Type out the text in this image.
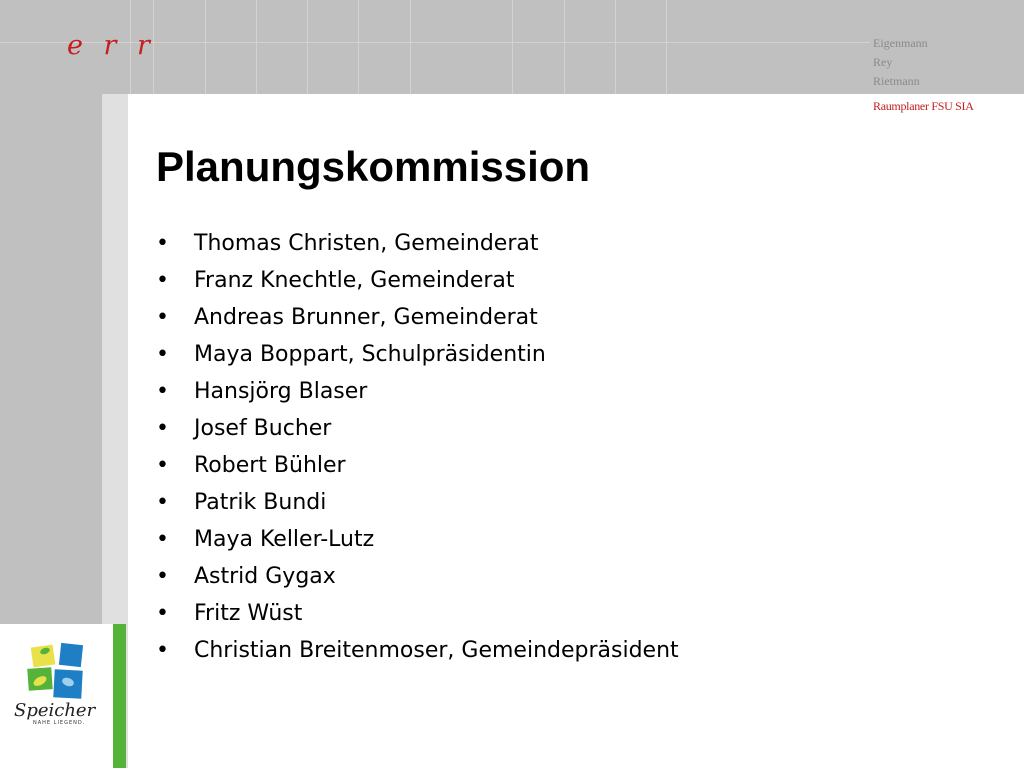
e r r	Eigenmann
Rey
Rietmann
Raumplaner FSU SIA
Planungskommission
• Thomas Christen, Gemeinderat
• Franz Knechtle, Gemeinderat
• Andreas Brunner, Gemeinderat
• Maya Boppart, Schulpräsidentin
• Hansjörg Blaser
• Josef Bucher
• Robert Bühler
• Patrik Bundi
• Maya Keller-Lutz
• Astrid Gygax
• Fritz Wüst
• Christian Breitenmoser, Gemeindepräsident
Speicher
NAHE LIEGEND.
